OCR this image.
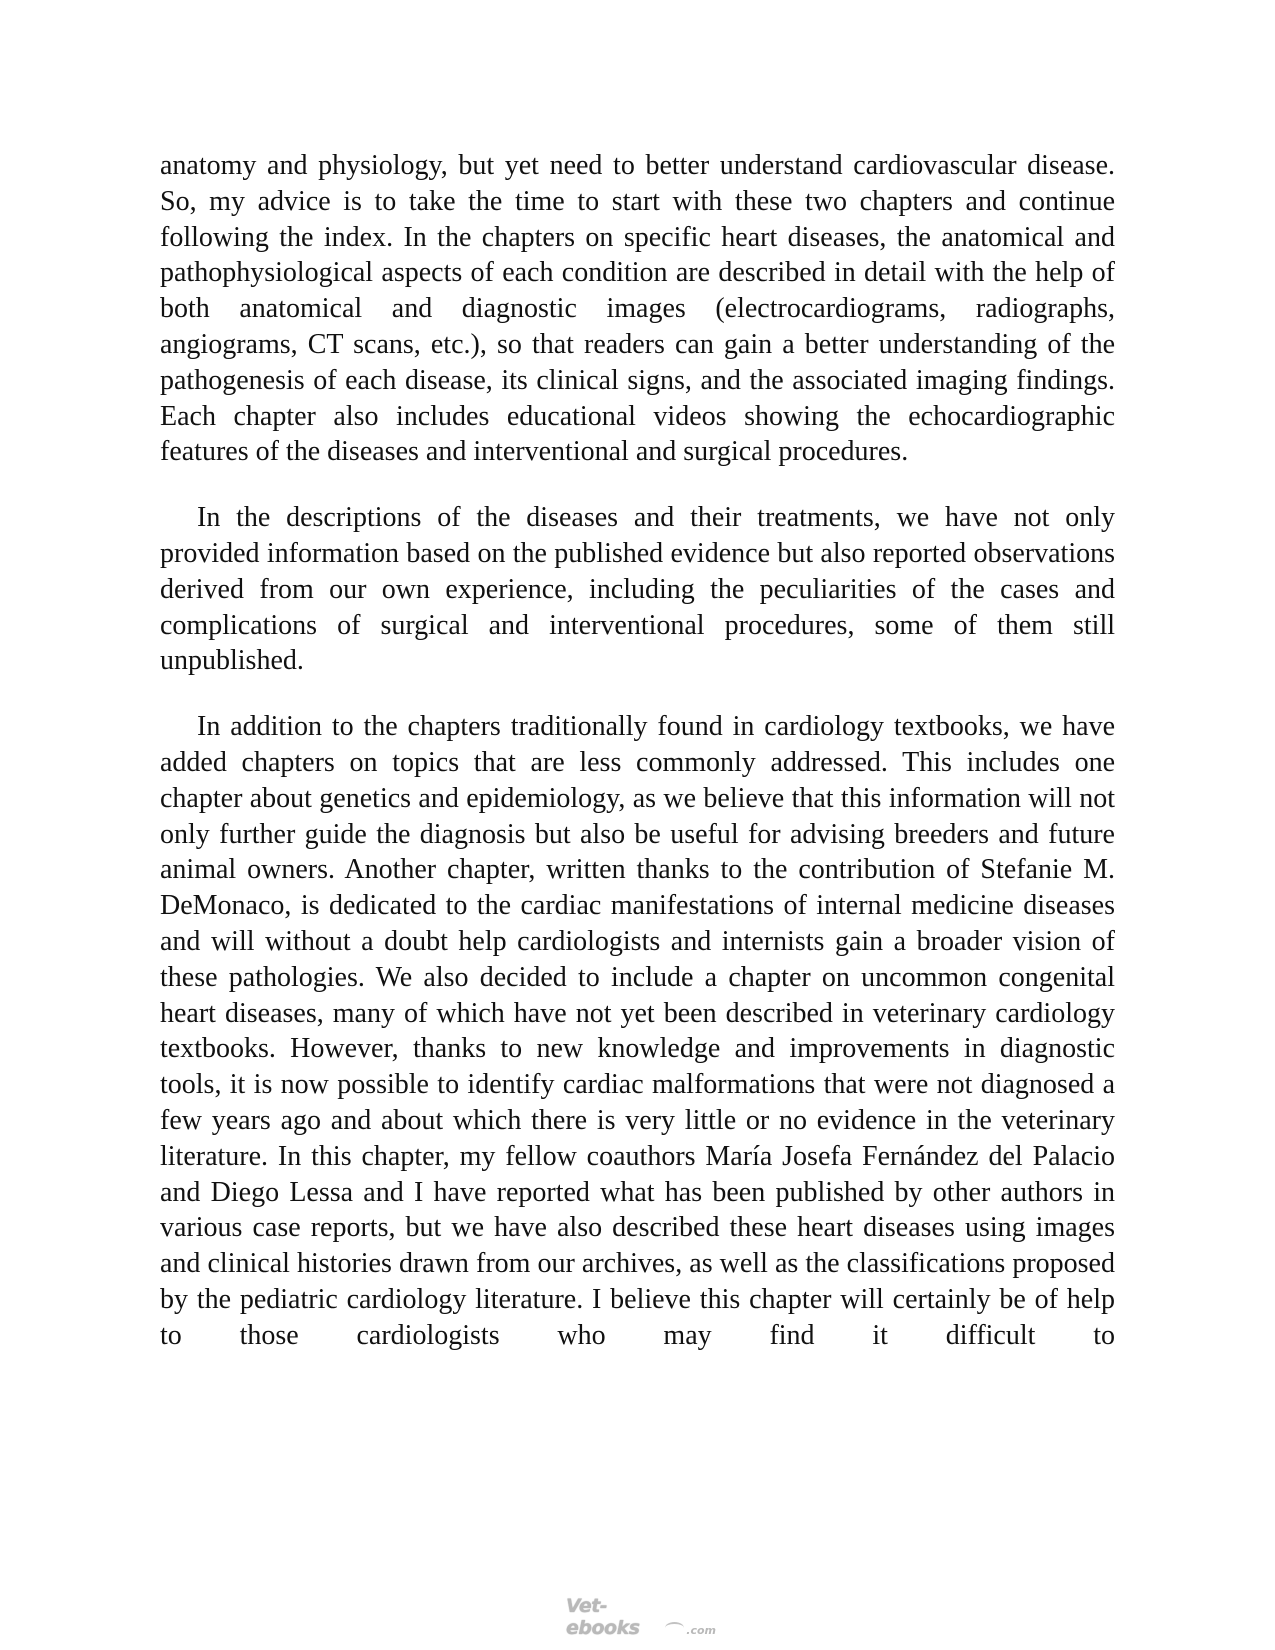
anatomy and physiology, but yet need to better understand cardiovascular disease. So, my advice is to take the time to start with these two chapters and continue following the index. In the chapters on specific heart diseases, the anatomical and pathophysiological aspects of each condition are described in detail with the help of both anatomical and diagnostic images (electrocardiograms, radiographs, angiograms, CT scans, etc.), so that readers can gain a better understanding of the pathogenesis of each disease, its clinical signs, and the associated imaging findings. Each chapter also includes educational videos showing the echocardiographic features of the diseases and interventional and surgical procedures.

In the descriptions of the diseases and their treatments, we have not only provided information based on the published evidence but also reported observations derived from our own experience, including the peculiarities of the cases and complications of surgical and interventional procedures, some of them still unpublished.

In addition to the chapters traditionally found in cardiology textbooks, we have added chapters on topics that are less commonly addressed. This includes one chapter about genetics and epidemiology, as we believe that this information will not only further guide the diagnosis but also be useful for advising breeders and future animal owners. Another chapter, written thanks to the contribution of Stefanie M. DeMonaco, is dedicated to the cardiac manifestations of internal medicine diseases and will without a doubt help cardiologists and internists gain a broader vision of these pathologies. We also decided to include a chapter on uncommon congenital heart diseases, many of which have not yet been described in veterinary cardiology textbooks. However, thanks to new knowledge and improvements in diagnostic tools, it is now possible to identify cardiac malformations that were not diagnosed a few years ago and about which there is very little or no evidence in the veterinary literature. In this chapter, my fellow coauthors María Josefa Fernández del Palacio and Diego Lessa and I have reported what has been published by other authors in various case reports, but we have also described these heart diseases using images and clinical histories drawn from our archives, as well as the classifications proposed by the pediatric cardiology literature. I believe this chapter will certainly be of help to those cardiologists who may find it difficult to

Vet-ebooks	.com
